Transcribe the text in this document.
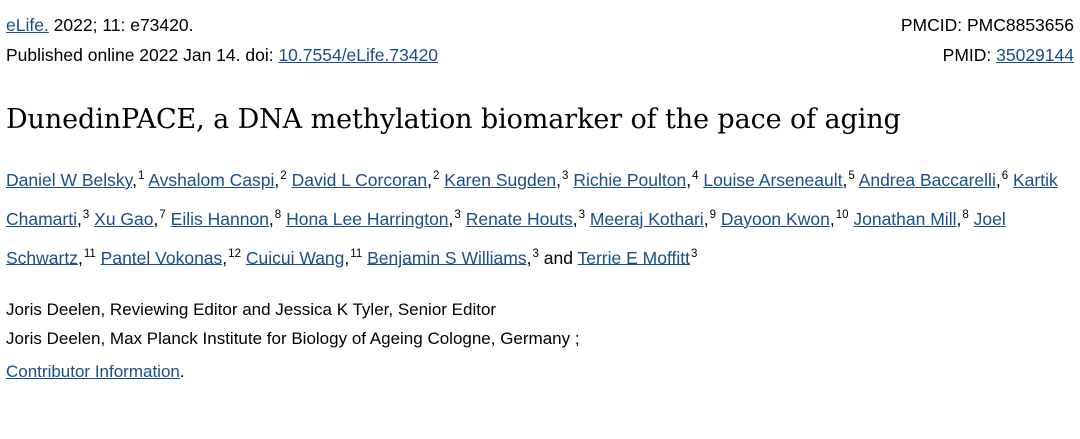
eLife. 2022; 11: e73420.	PMCID: PMC8853656
Published online 2022 Jan 14. doi: 10.7554/eLife.73420	PMID: 35029144
DunedinPACE, a DNA methylation biomarker of the pace of aging
Daniel W Belsky,$^1$ Avshalom Caspi,$^2$ David L Corcoran,$^2$ Karen Sugden,$^3$ Richie Poulton,$^4$ Louise Arseneault,$^5$ Andrea Baccarelli,$^6$ Kartik Chamarti,$^3$ Xu Gao,$^7$ Eilis Hannon,$^8$ Hona Lee Harrington,$^3$ Renate Houts,$^3$ Meeraj Kothari,$^9$ Dayoon Kwon,$^{10}$ Jonathan Mill,$^8$ Joel Schwartz,$^{11}$ Pantel Vokonas,$^{12}$ Cuicui Wang,$^{11}$ Benjamin S Williams,$^3$ and Terrie E Moffitt$^3$
Joris Deelen, Reviewing Editor and Jessica K Tyler, Senior Editor
Joris Deelen, Max Planck Institute for Biology of Ageing Cologne, Germany ;
Contributor Information.
